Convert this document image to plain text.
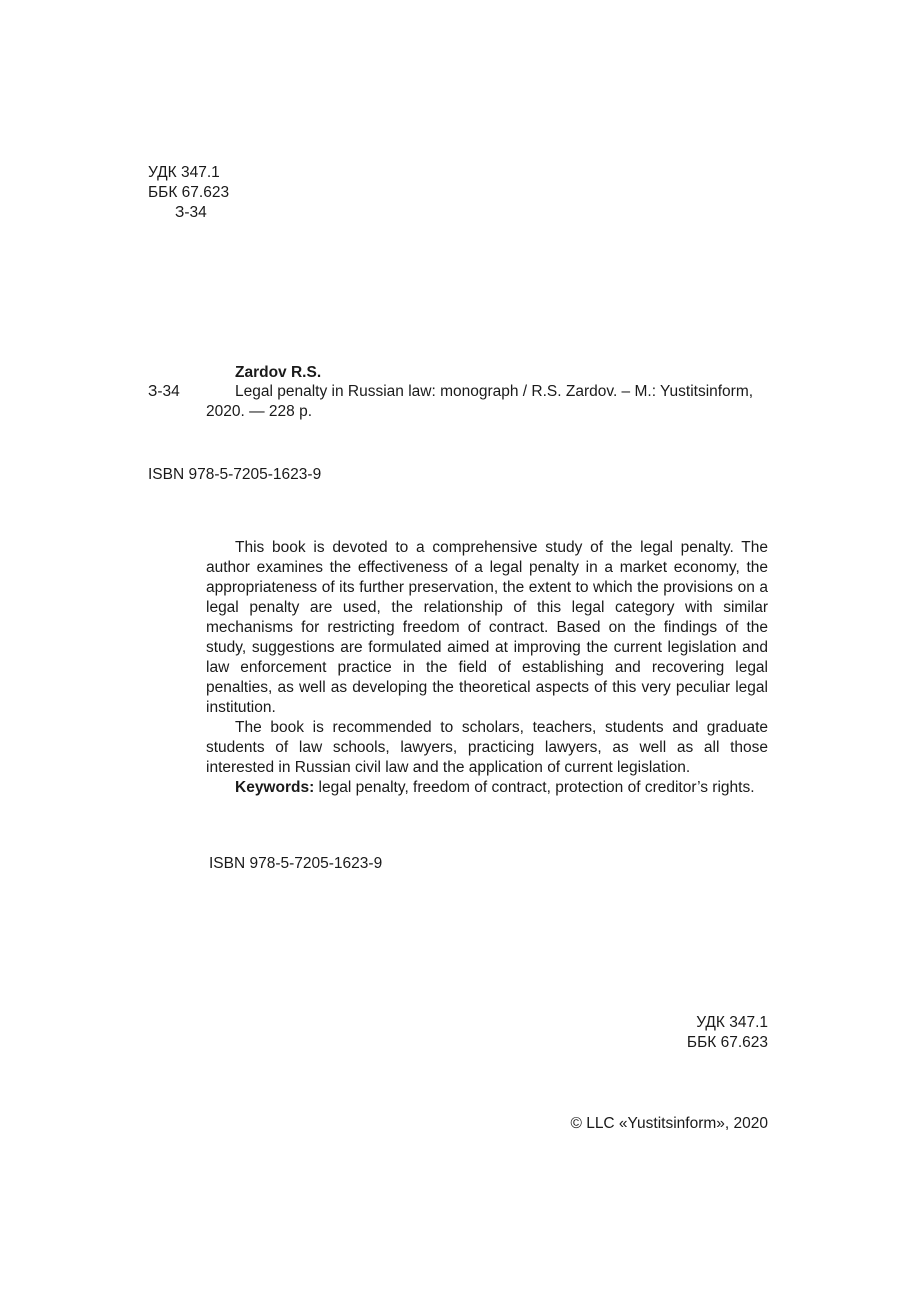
УДК 347.1
ББК 67.623
З-34
Zardov R.S.
З-34	Legal penalty in Russian law: monograph / R.S. Zardov. – M.: Yustitsinform,
2020. — 228 p.
ISBN 978-5-7205-1623-9

This book is devoted to a comprehensive study of the legal penalty. The author examines the effectiveness of a legal penalty in a market economy, the appropriateness of its further preservation, the extent to which the provisions on a legal penalty are used, the relationship of this legal category with similar mechanisms for restricting freedom of contract. Based on the findings of the study, suggestions are formulated aimed at improving the current legislation and law enforcement practice in the field of establishing and recovering legal penalties, as well as developing the theoretical aspects of this very peculiar legal institution.

The book is recommended to scholars, teachers, students and graduate students of law schools, lawyers, practicing lawyers, as well as all those interested in Russian civil law and the application of current legislation.

Keywords: legal penalty, freedom of contract, protection of creditor’s rights.

ISBN 978-5-7205-1623-9
УДК 347.1
ББК 67.623
© LLC «Yustitsinform», 2020
